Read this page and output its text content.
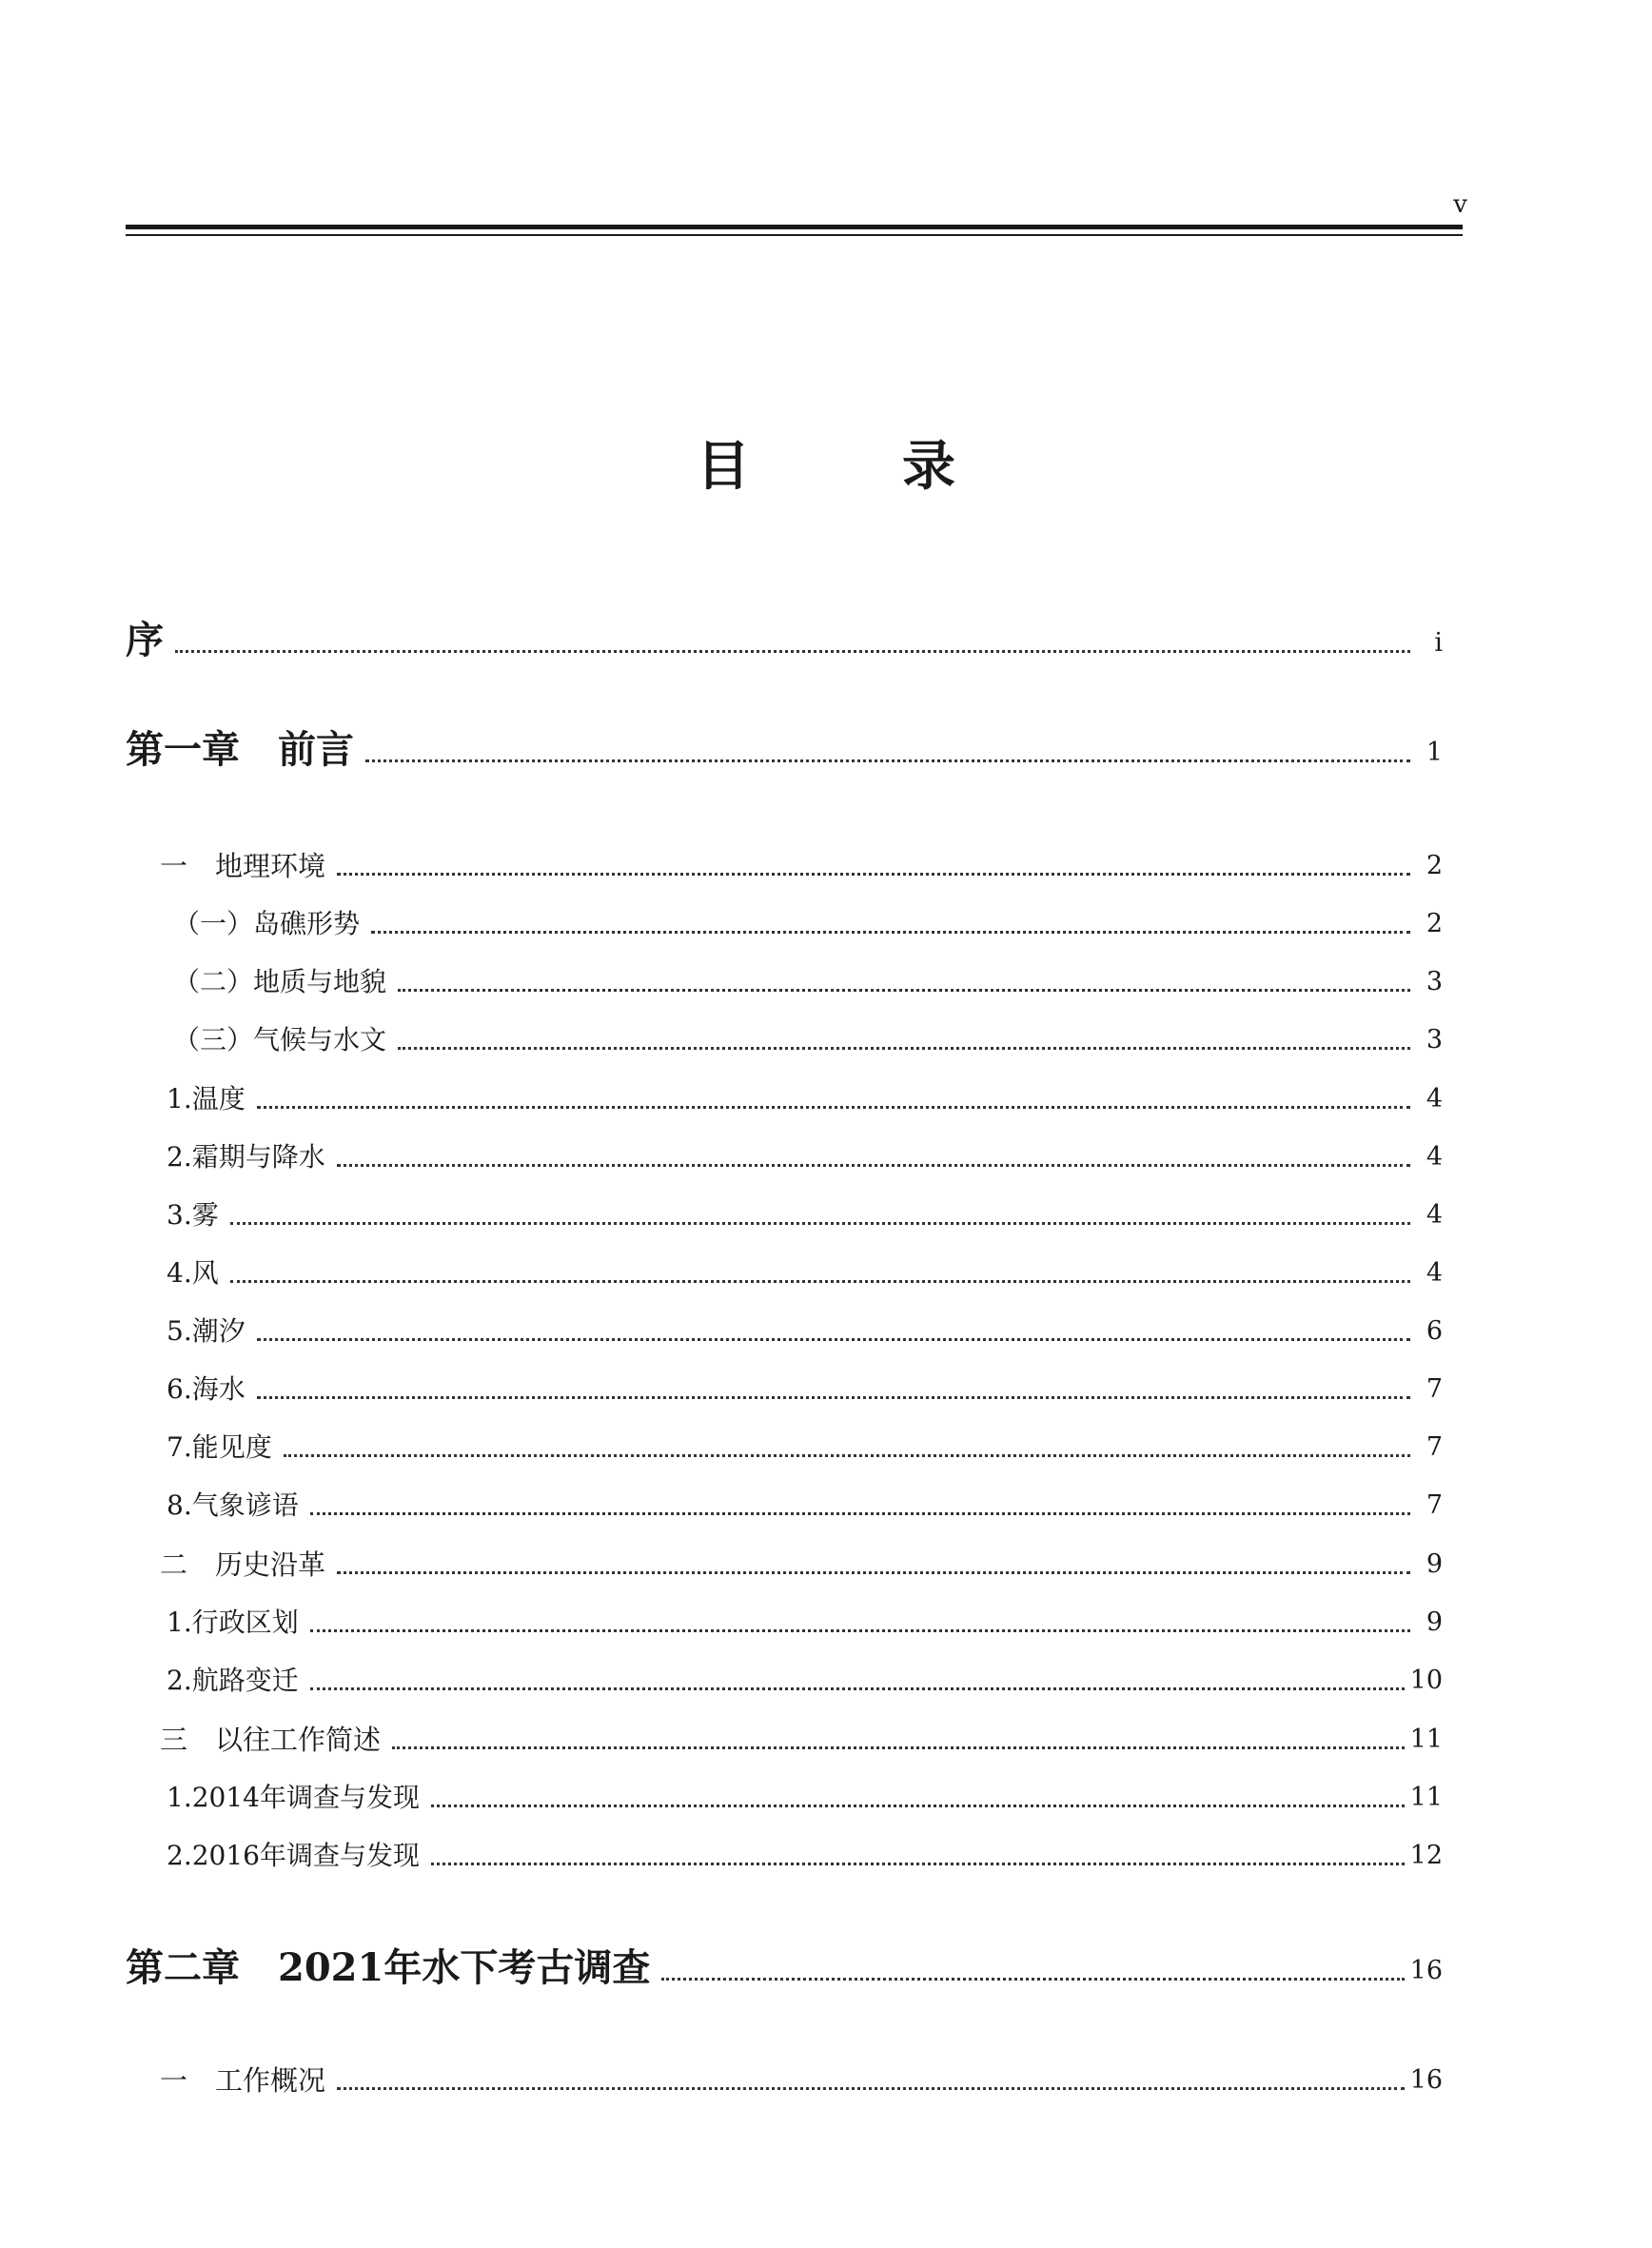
v
目　录
序	i
第一章　前言	1
一　地理环境	2
（一）岛礁形势	2
（二）地质与地貌	3
（三）气候与水文	3
1.温度	4
2.霜期与降水	4
3.雾	4
4.风	4
5.潮汐	6
6.海水	7
7.能见度	7
8.气象谚语	7
二　历史沿革	9
1.行政区划	9
2.航路变迁	10
三　以往工作简述	11
1.2014年调查与发现	11
2.2016年调查与发现	12
第二章　2021年水下考古调查	16
一　工作概况	16
